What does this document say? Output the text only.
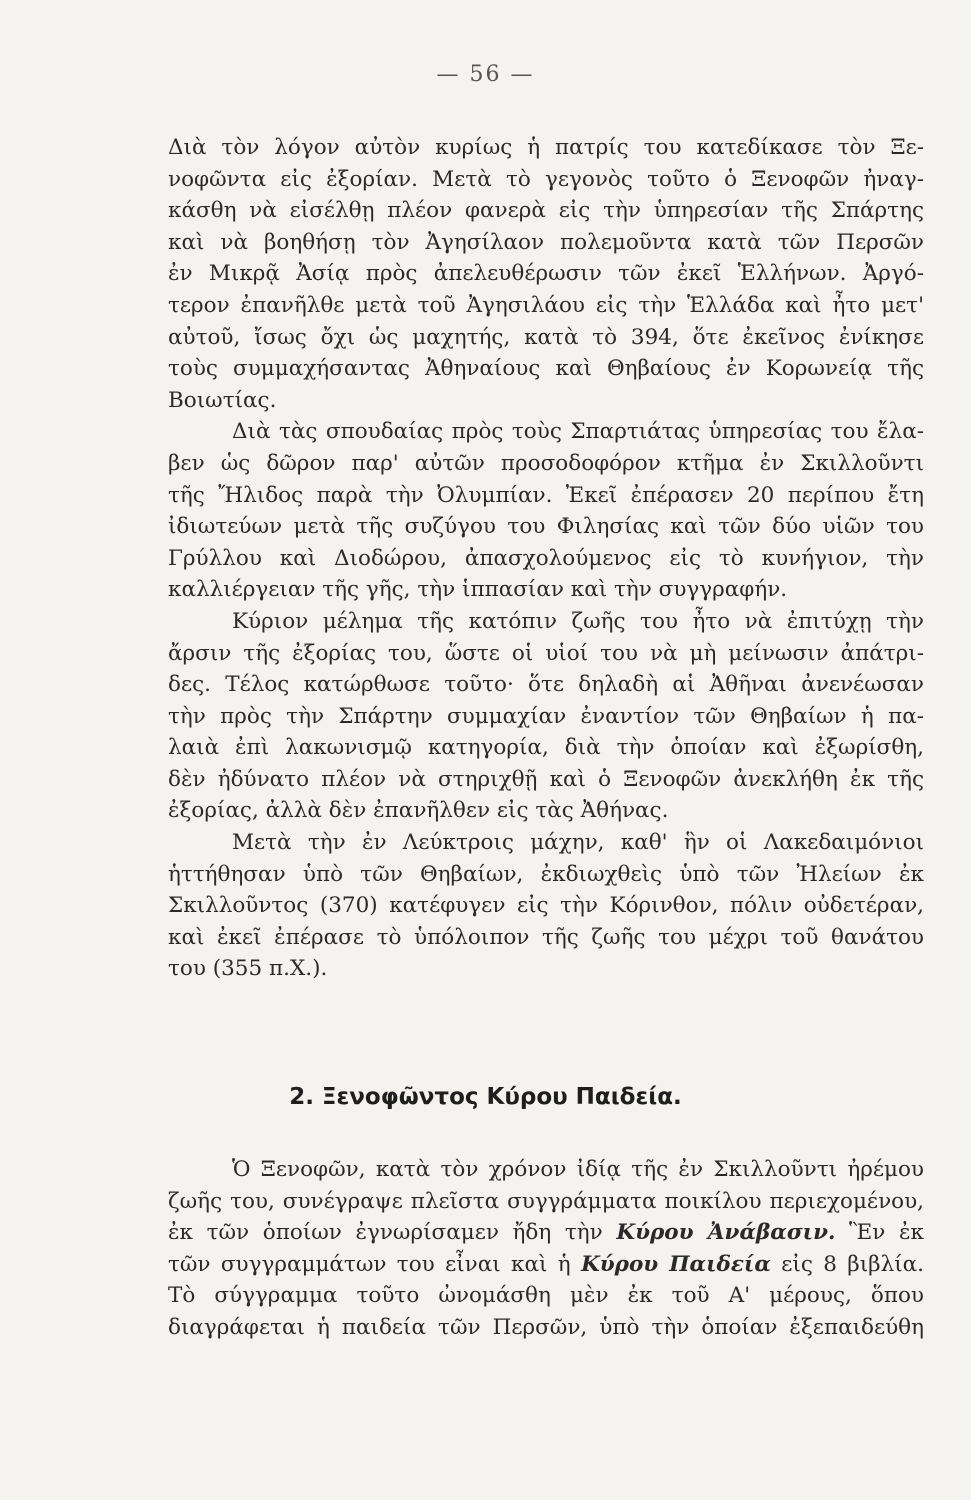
— 56 —
Διὰ τὸν λόγον αὐτὸν κυρίως ἡ πατρίς του κατεδίκασε τὸν Ξε-
νοφῶντα εἰς ἐξορίαν. Μετὰ τὸ γεγονὸς τοῦτο ὁ Ξενοφῶν ἠναγ-
κάσθη νὰ εἰσέλθῃ πλέον φανερὰ εἰς τὴν ὑπηρεσίαν τῆς Σπάρτης
καὶ νὰ βοηθήσῃ τὸν Ἀγησίλαον πολεμοῦντα κατὰ τῶν Περσῶν
ἐν Μικρᾷ Ἀσίᾳ πρὸς ἀπελευθέρωσιν τῶν ἐκεῖ Ἑλλήνων. Ἀργό-
τερον ἐπανῆλθε μετὰ τοῦ Ἀγησιλάου εἰς τὴν Ἑλλάδα καὶ ἦτο μετ'
αὐτοῦ, ἴσως ὄχι ὡς μαχητής, κατὰ τὸ 394, ὅτε ἐκεῖνος ἐνίκησε
τοὺς συμμαχήσαντας Ἀθηναίους καὶ Θηβαίους ἐν Κορωνείᾳ τῆς
Βοιωτίας.
Διὰ τὰς σπουδαίας πρὸς τοὺς Σπαρτιάτας ὑπηρεσίας του ἔλα-
βεν ὡς δῶρον παρ' αὐτῶν προσοδοφόρον κτῆμα ἐν Σκιλλοῦντι
τῆς Ἤλιδος παρὰ τὴν Ὀλυμπίαν. Ἐκεῖ ἐπέρασεν 20 περίπου ἔτη
ἰδιωτεύων μετὰ τῆς συζύγου του Φιλησίας καὶ τῶν δύο υἱῶν του
Γρύλλου καὶ Διοδώρου, ἀπασχολούμενος εἰς τὸ κυνήγιον, τὴν
καλλιέργειαν τῆς γῆς, τὴν ἱππασίαν καὶ τὴν συγγραφήν.
Κύριον μέλημα τῆς κατόπιν ζωῆς του ἦτο νὰ ἐπιτύχῃ τὴν
ἄρσιν τῆς ἐξορίας του, ὥστε οἱ υἱοί του νὰ μὴ μείνωσιν ἀπάτρι-
δες. Τέλος κατώρθωσε τοῦτο· ὅτε δηλαδὴ αἱ Ἀθῆναι ἀνενέωσαν
τὴν πρὸς τὴν Σπάρτην συμμαχίαν ἐναντίον τῶν Θηβαίων ἡ πα-
λαιὰ ἐπὶ λακωνισμῷ κατηγορία, διὰ τὴν ὁποίαν καὶ ἐξωρίσθη,
δὲν ἠδύνατο πλέον νὰ στηριχθῇ καὶ ὁ Ξενοφῶν ἀνεκλήθη ἐκ τῆς
ἐξορίας, ἀλλὰ δὲν ἐπανῆλθεν εἰς τὰς Ἀθήνας.
Μετὰ τὴν ἐν Λεύκτροις μάχην, καθ' ἣν οἱ Λακεδαιμόνιοι
ἡττήθησαν ὑπὸ τῶν Θηβαίων, ἐκδιωχθεὶς ὑπὸ τῶν Ἠλείων ἐκ
Σκιλλοῦντος (370) κατέφυγεν εἰς τὴν Κόρινθον, πόλιν οὐδετέραν,
καὶ ἐκεῖ ἐπέρασε τὸ ὑπόλοιπον τῆς ζωῆς του μέχρι τοῦ θανάτου
του (355 π.Χ.).
2. Ξενοφῶντος Κύρου Παιδεία.
Ὁ Ξενοφῶν, κατὰ τὸν χρόνον ἰδίᾳ τῆς ἐν Σκιλλοῦντι ἠρέμου
ζωῆς του, συνέγραψε πλεῖστα συγγράμματα ποικίλου περιεχομένου,
ἐκ τῶν ὁποίων ἐγνωρίσαμεν ἤδη τὴν Κύρου Ἀνάβασιν. Ἓν ἐκ
τῶν συγγραμμάτων του εἶναι καὶ ἡ Κύρου Παιδεία εἰς 8 βιβλία.
Τὸ σύγγραμμα τοῦτο ὠνομάσθη μὲν ἐκ τοῦ Α' μέρους, ὅπου
διαγράφεται ἡ παιδεία τῶν Περσῶν, ὑπὸ τὴν ὁποίαν ἐξεπαιδεύθη
